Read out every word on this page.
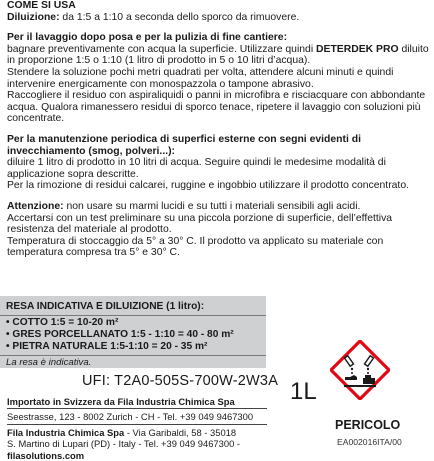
COME SI USA

Diluizione: da 1:5 a 1:10 a seconda dello sporco da rimuovere.

Per il lavaggio dopo posa e per la pulizia di fine cantiere:

bagnare preventivamente con acqua la superficie. Utilizzare quindi DETERDEK PRO diluito in proporzione 1:5 o 1:10 (1 litro di prodotto in 5 o 10 litri d’acqua).

Stendere la soluzione pochi metri quadrati per volta, attendere alcuni minuti e quindi intervenire energicamente con monospazzola o tampone abrasivo.

Raccogliere il residuo con aspiraliquidi o panni in microfibra e risciacquare con abbondante acqua. Qualora rimanessero residui di sporco tenace, ripetere il lavaggio con soluzioni più concentrate.

Per la manutenzione periodica di superfici esterne con segni evidenti di invecchiamento (smog, polveri...):

diluire 1 litro di prodotto in 10 litri di acqua. Seguire quindi le medesime modalità di applicazione sopra descritte.

Per la rimozione di residui calcarei, ruggine e ingobbio utilizzare il prodotto concentrato.

Attenzione: non usare su marmi lucidi e su tutti i materiali sensibili agli acidi.

Accertarsi con un test preliminare su una piccola porzione di superficie, dell’effettiva resistenza del materiale al prodotto.

Temperatura di stoccaggio da 5° a 30° C. Il prodotto va applicato su materiale con temperatura compresa tra 5° e 30° C.

RESA INDICATIVA E DILUIZIONE (1 litro):
• COTTO 1:5 = 10-20 m²
• GRES PORCELLANATO 1:5 - 1:10 = 40 - 80 m²
• PIETRA NATURALE 1:5-1:10 = 20 - 35 m²
La resa è indicativa.
UFI: T2A0-505S-700W-2W3A
Importato in Svizzera da Fila Industria Chimica Spa
Seestrasse, 123 - 8002 Zurich - CH - Tel. +39 049 9467300
Fila Industria Chimica Spa - Via Garibaldi, 58 - 35018
S. Martino di Lupari (PD) - Italy - Tel. +39 049 9467300 - filasolutions.com
1L
PERICOLO
EA002016ITA/00
